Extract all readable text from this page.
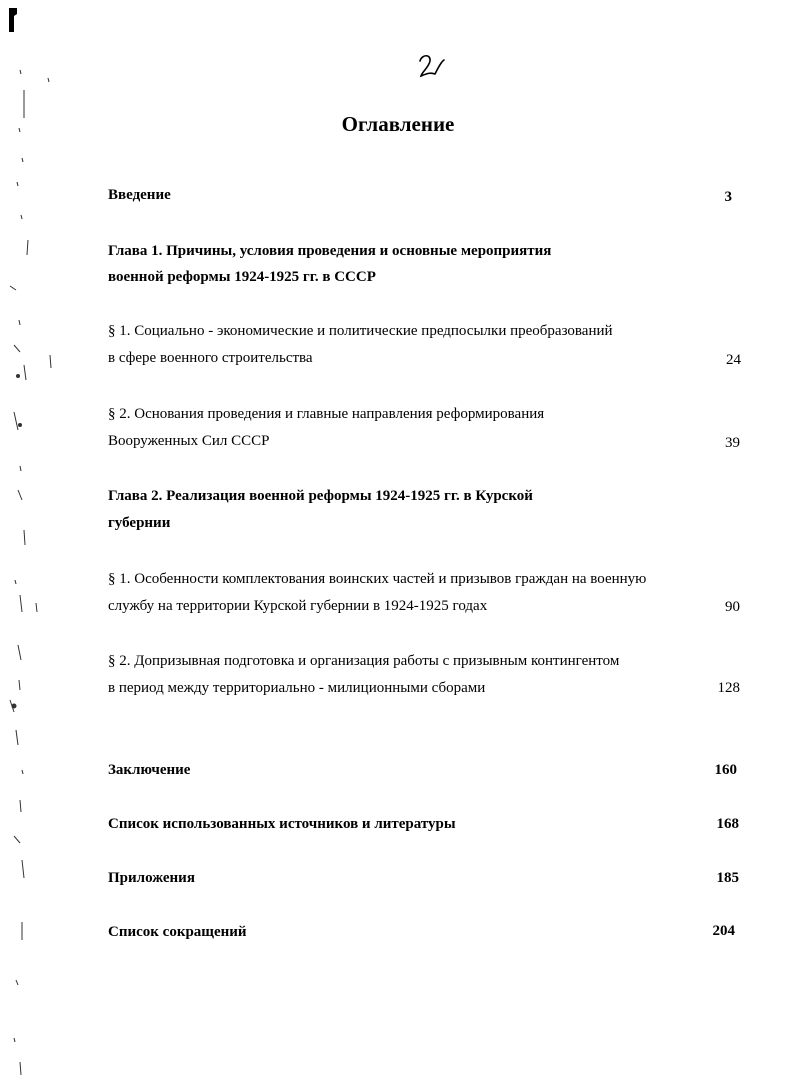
Оглавление
Введение	3
Глава 1. Причины, условия проведения и основные мероприятия
военной реформы 1924-1925 гг. в СССР
§ 1. Социально - экономические и политические предпосылки преобразований
в сфере военного строительства	24
§ 2. Основания проведения и главные направления реформирования
Вооруженных Сил СССР	39
Глава 2. Реализация военной реформы 1924-1925 гг. в Курской
губернии
§ 1. Особенности комплектования воинских частей и призывов граждан на военную
службу на территории Курской губернии в 1924-1925 годах	90
§ 2. Допризывная подготовка и организация работы с призывным контингентом
в период между территориально - милиционными сборами	128
Заключение	160
Список использованных источников и литературы	168
Приложения	185
Список сокращений	204
